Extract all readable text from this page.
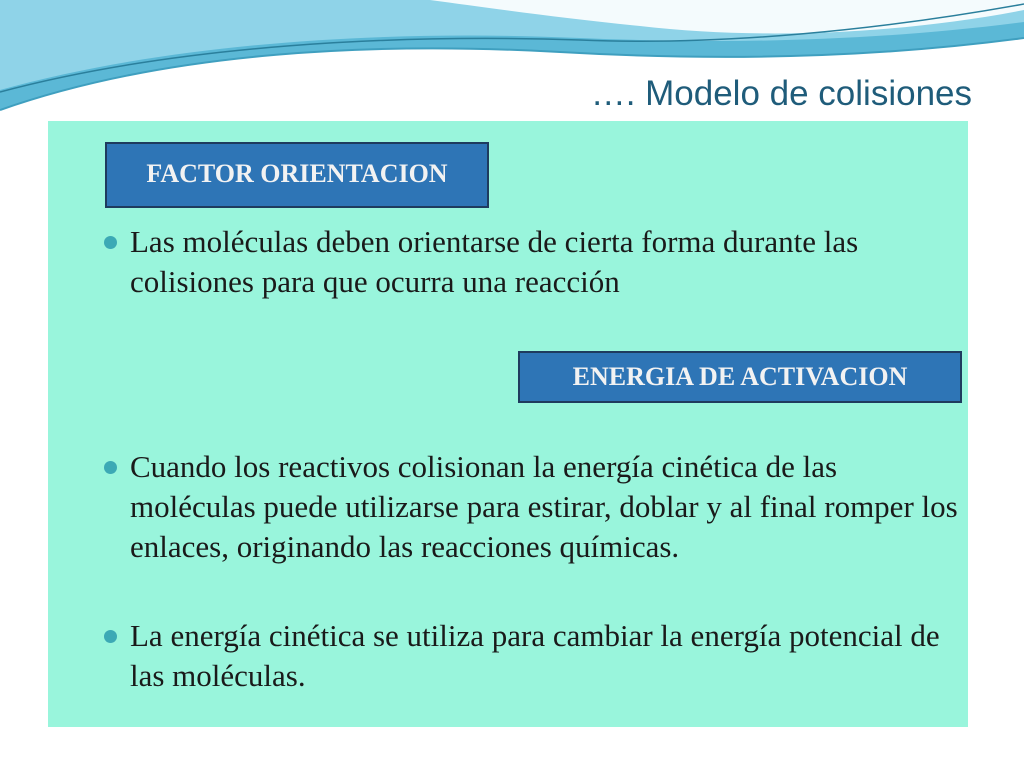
…. Modelo de colisiones
FACTOR ORIENTACION
Las moléculas deben orientarse de cierta forma durante las colisiones para que ocurra una reacción
ENERGIA DE ACTIVACION
Cuando los reactivos colisionan la energía cinética de las moléculas puede utilizarse para estirar, doblar y al final romper los enlaces, originando las reacciones químicas.
La energía cinética se utiliza para cambiar la energía potencial de las moléculas.
